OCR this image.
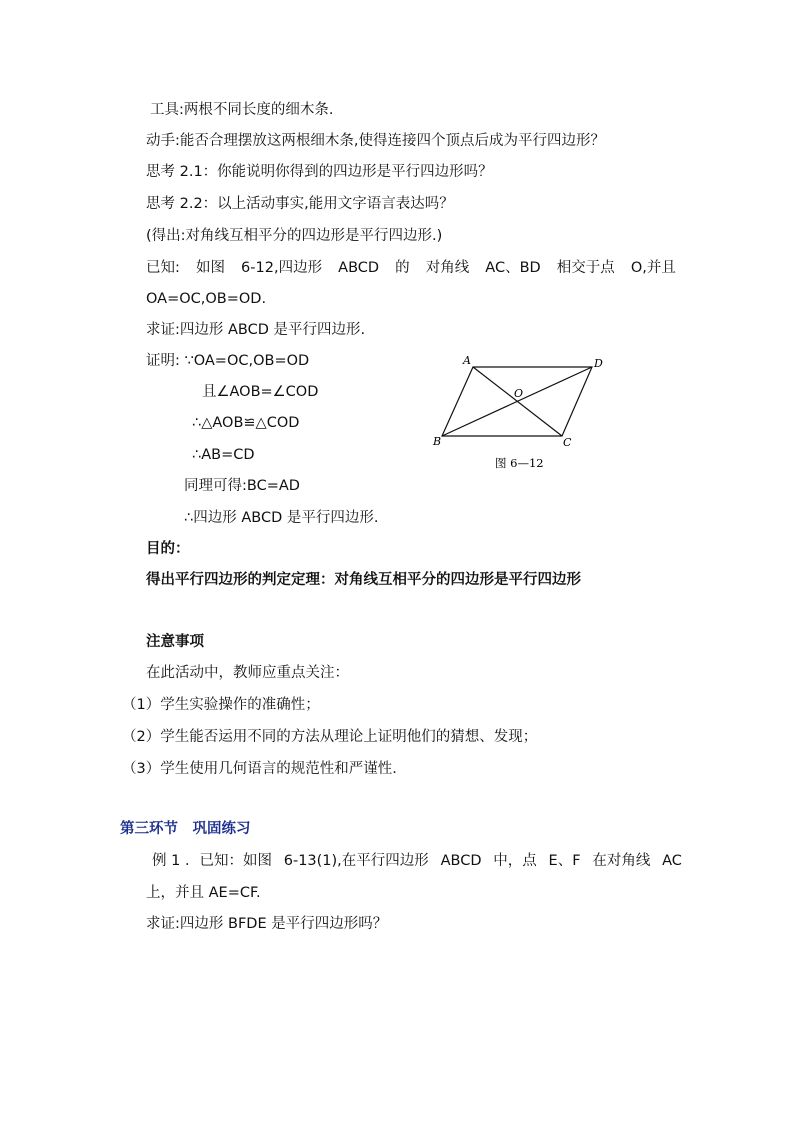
工具:两根不同长度的细木条.
动手:能否合理摆放这两根细木条,使得连接四个顶点后成为平行四边形？
思考 2.1：你能说明你得到的四边形是平行四边形吗？
思考 2.2：以上活动事实,能用文字语言表达吗？
(得出:对角线互相平分的四边形是平行四边形.)
已知: 如图 6-12,四边形 ABCD 的 对角线 AC、BD 相交于点 O,并且
OA=OC,OB=OD.
求证:四边形 ABCD 是平行四边形.
证明: ∵OA=OC,OB=OD
且∠AOB=∠COD
∴△AOB≌△COD
∴AB=CD
同理可得:BC=AD
∴四边形 ABCD 是平行四边形.
A	D
B	C
O
图 6—12
目的：
得出平行四边形的判定定理：对角线互相平分的四边形是平行四边形
注意事项
在此活动中，教师应重点关注：
（1）学生实验操作的准确性；
（2）学生能否运用不同的方法从理论上证明他们的猜想、发现；
（3）学生使用几何语言的规范性和严谨性.
第三环节　巩固练习
例 1 ．已知：如图 6-13(1),在平行四边形 ABCD 中，点 E、F 在对角线 AC
上，并且 AE=CF.
求证:四边形 BFDE 是平行四边形吗？
